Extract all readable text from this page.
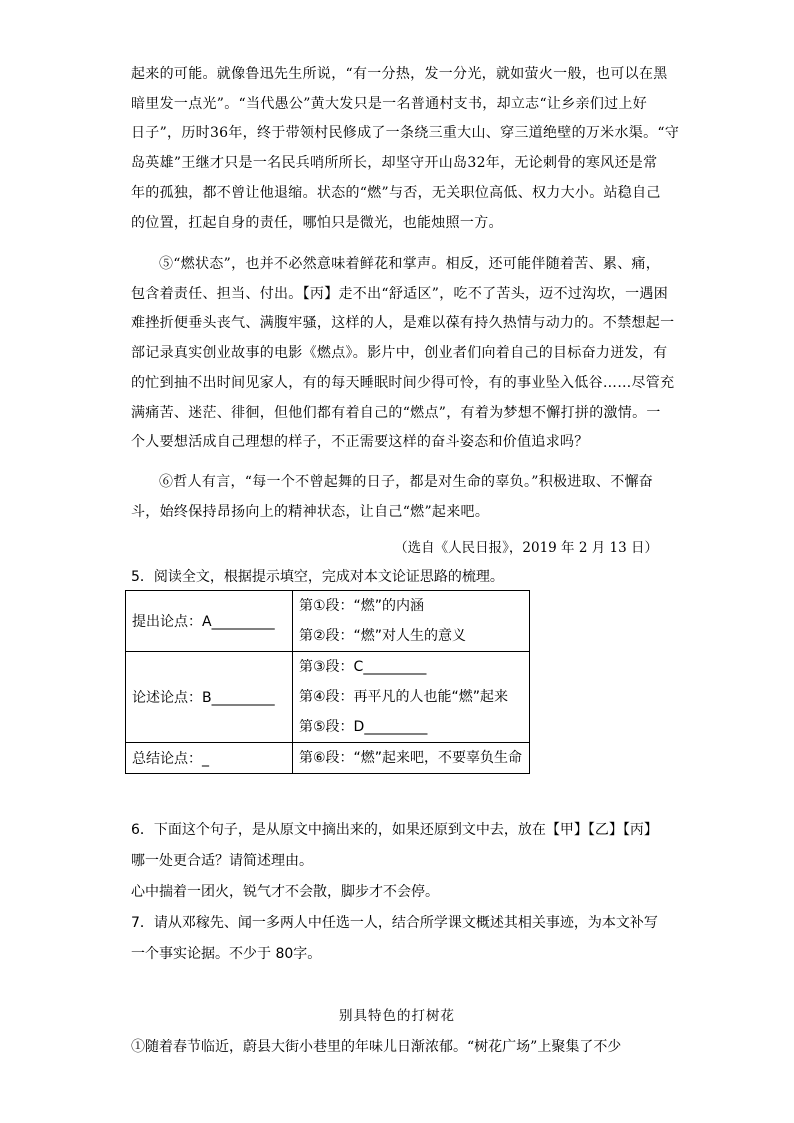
起来的可能。就像鲁迅先生所说，“有一分热，发一分光，就如萤火一般，也可以在黑
暗里发一点光”。“当代愚公”黄大发只是一名普通村支书，却立志“让乡亲们过上好
日子”，历时36年，终于带领村民修成了一条绕三重大山、穿三道绝壁的万米水渠。“守
岛英雄”王继才只是一名民兵哨所所长，却坚守开山岛32年，无论刺骨的寒风还是常
年的孤独，都不曾让他退缩。状态的“燃”与否，无关职位高低、权力大小。站稳自己
的位置，扛起自身的责任，哪怕只是微光，也能烛照一方。
⑤“燃状态”，也并不必然意味着鲜花和掌声。相反，还可能伴随着苦、累、痛，
包含着责任、担当、付出。【丙】走不出“舒适区”，吃不了苦头，迈不过沟坎，一遇困
难挫折便垂头丧气、满腹牢骚，这样的人，是难以葆有持久热情与动力的。不禁想起一
部记录真实创业故事的电影《燃点》。影片中，创业者们向着自己的目标奋力迸发，有
的忙到抽不出时间见家人，有的每天睡眠时间少得可怜，有的事业坠入低谷……尽管充
满痛苦、迷茫、徘徊，但他们都有着自己的“燃点”，有着为梦想不懈打拼的激情。一
个人要想活成自己理想的样子，不正需要这样的奋斗姿态和价值追求吗？
⑥哲人有言，“每一个不曾起舞的日子，都是对生命的辜负。”积极进取、不懈奋
斗，始终保持昂扬向上的精神状态，让自己“燃”起来吧。
（选自《人民日报》，2019 年 2 月 13 日）
5．阅读全文，根据提示填空，完成对本文论证思路的梳理。
提出论点：A_________	第①段：“燃”的内涵
第②段：“燃”对人生的意义

论述论点：B_________	第③段：C_________
第④段：再平凡的人也能“燃”起来
第⑤段：D_________

总结论点：_	第⑥段：“燃”起来吧，不要辜负生命
6．下面这个句子，是从原文中摘出来的，如果还原到文中去，放在【甲】【乙】【丙】
哪一处更合适？请简述理由。
心中揣着一团火，锐气才不会散，脚步才不会停。
7．请从邓稼先、闻一多两人中任选一人，结合所学课文概述其相关事迹，为本文补写
一个事实论据。不少于 80字。
别具特色的打树花
①随着春节临近，蔚县大街小巷里的年味儿日渐浓郁。“树花广场”上聚集了不少
